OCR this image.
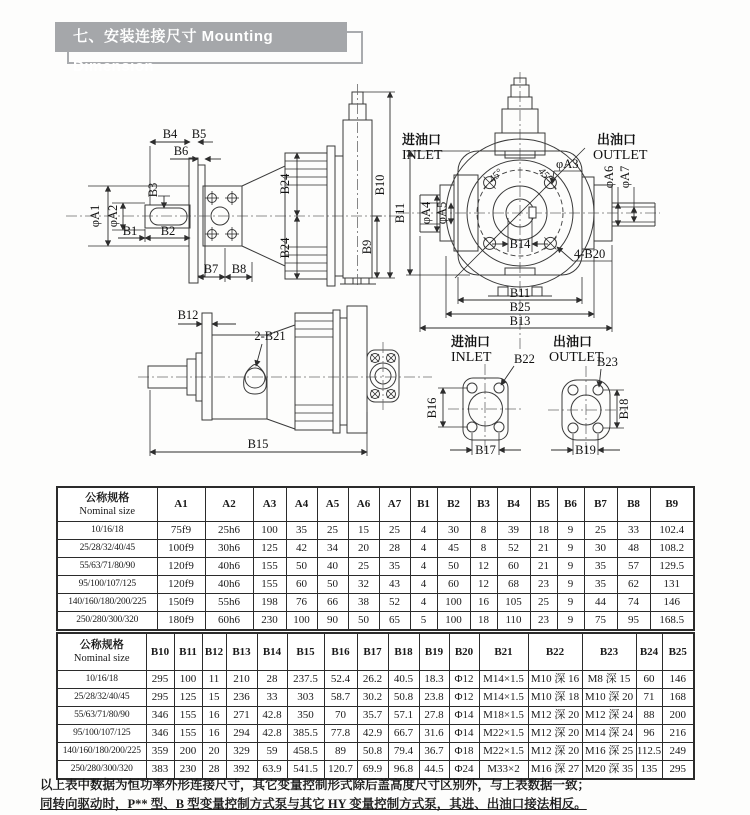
七、安装连接尺寸 Mounting Dimension
φA1 φA2
B1 B2
B3
B4 B5
B6
B24
B24
B7 B8
B9
B10	45°	45°
进油口
INLET
出油口
OUTLET
φA3
φA4 φA5
B11
φA6 φA7
B14
4-B20
B11
B25
B13
B12
2-B21
B15
进油口
INLET B22
B16
B17
出油口
OUTLET
B23
B18
B19
公称规格
Nominal size	A1	A2	A3	A4	A5	A6	A7	B1	B2	B3	B4	B5	B6	B7	B8	B9
10/16/18	75f9	25h6	100	35	25	15	25	4	30	8	39	18	9	25	33	102.4
25/28/32/40/45	100f9	30h6	125	42	34	20	28	4	45	8	52	21	9	30	48	108.2
55/63/71/80/90	120f9	40h6	155	50	40	25	35	4	50	12	60	21	9	35	57	129.5
95/100/107/125	120f9	40h6	155	60	50	32	43	4	60	12	68	23	9	35	62	131
140/160/180/200/225	150f9	55h6	198	76	66	38	52	4	100	16	105	25	9	44	74	146
250/280/300/320	180f9	60h6	230	100	90	50	65	5	100	18	110	23	9	75	95	168.5
公称规格
Nominal size	B10	B11	B12	B13	B14	B15	B16	B17	B18	B19	B20	B21	B22	B23	B24	B25
10/16/18	295	100	11	210	28	237.5	52.4	26.2	40.5	18.3	Φ12	M14×1.5	M10 深 16	M8 深 15	60	146
25/28/32/40/45	295	125	15	236	33	303	58.7	30.2	50.8	23.8	Φ12	M14×1.5	M10 深 18	M10 深 20	71	168
55/63/71/80/90	346	155	16	271	42.8	350	70	35.7	57.1	27.8	Φ14	M18×1.5	M12 深 20	M12 深 24	88	200
95/100/107/125	346	155	16	294	42.8	385.5	77.8	42.9	66.7	31.6	Φ14	M22×1.5	M12 深 20	M14 深 24	96	216
140/160/180/200/225	359	200	20	329	59	458.5	89	50.8	79.4	36.7	Φ18	M22×1.5	M12 深 20	M16 深 25	112.5	249
250/280/300/320	383	230	28	392	63.9	541.5	120.7	69.9	96.8	44.5	Φ24	M33×2	M16 深 27	M20 深 35	135	295
以上表中数据为恒功率外形连接尺寸，其它变量控制形式除后盖高度尺寸区别外，与上表数据一致；
同转向驱动时，P** 型、B 型变量控制方式泵与其它 HY 变量控制方式泵，其进、出油口接法相反。
